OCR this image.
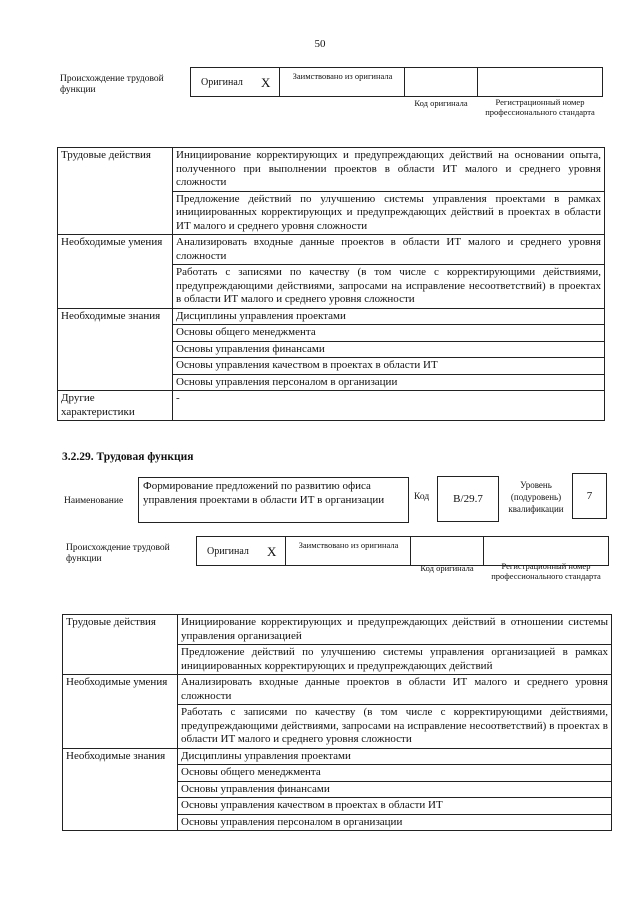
50
Происхождение трудовой функции
Оригинал X	Заимствовано из оригинала
Код оригинала	Регистрационный номер профессионального стандарта
Трудовые действия	Инициирование корректирующих и предупреждающих действий на основании опыта, полученного при выполнении проектов в области ИТ малого и среднего уровня сложности
	Предложение действий по улучшению системы управления проектами в рамках инициированных корректирующих и предупреждающих действий в проектах в области ИТ малого и среднего уровня сложности
Необходимые умения	Анализировать входные данные проектов в области ИТ малого и среднего уровня сложности
	Работать с записями по качеству (в том числе с корректирующими действиями, предупреждающими действиями, запросами на исправление несоответствий) в проектах в области ИТ малого и среднего уровня сложности
Необходимые знания	Дисциплины управления проектами
	Основы общего менеджмента
	Основы управления финансами
	Основы управления качеством в проектах в области ИТ
	Основы управления персоналом в организации
Другие характеристики	-
3.2.29. Трудовая функция
Наименование
Формирование предложений по развитию офиса управления проектами в области ИТ в организации	Код	B/29.7
Уровень (подуровень) квалификации
7
Происхождение трудовой функции
Оригинал X	Заимствовано из оригинала
Код оригинала	Регистрационный номер профессионального стандарта
Трудовые действия	Инициирование корректирующих и предупреждающих действий в отношении системы управления организацией
	Предложение действий по улучшению системы управления организацией в рамках инициированных корректирующих и предупреждающих действий
Необходимые умения	Анализировать входные данные проектов в области ИТ малого и среднего уровня сложности
	Работать с записями по качеству (в том числе с корректирующими действиями, предупреждающими действиями, запросами на исправление несоответствий) в проектах в области ИТ малого и среднего уровня сложности
Необходимые знания	Дисциплины управления проектами
	Основы общего менеджмента
	Основы управления финансами
	Основы управления качеством в проектах в области ИТ
	Основы управления персоналом в организации
